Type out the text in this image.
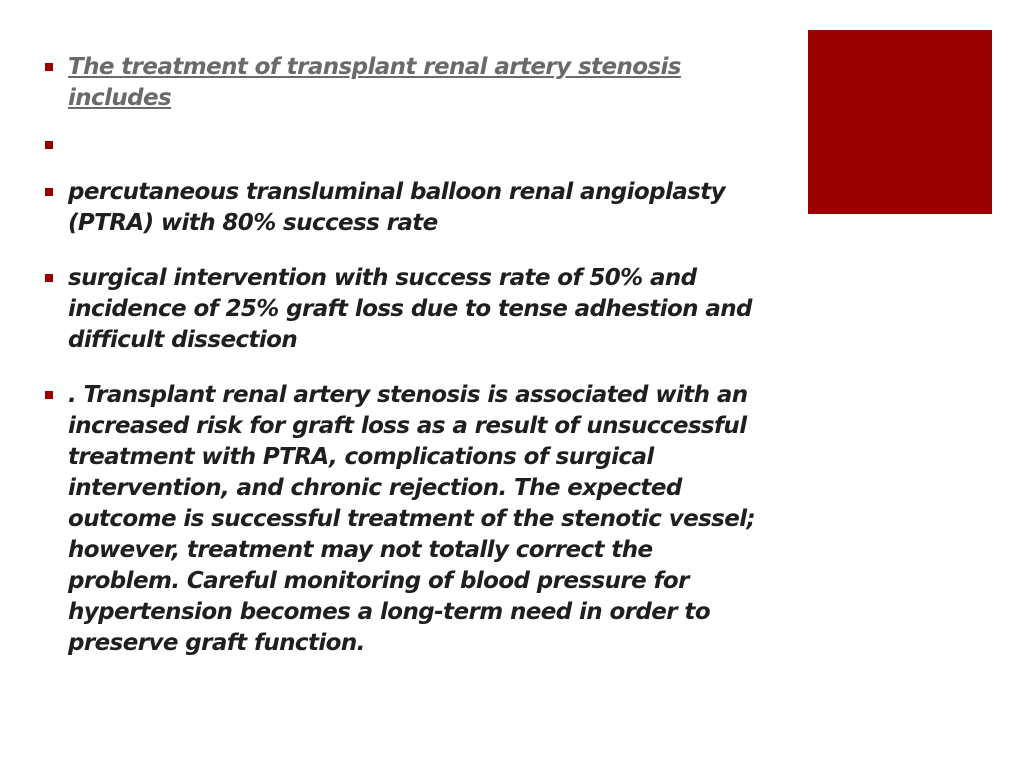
The treatment of transplant renal artery stenosis includes
percutaneous transluminal balloon renal angioplasty (PTRA) with 80% success rate
surgical intervention with success rate of 50% and incidence of 25% graft loss due to tense adhestion and difficult dissection
. Transplant renal artery stenosis is associated with an increased risk for graft loss as a result of unsuccessful treatment with PTRA, complications of surgical intervention, and chronic rejection. The expected outcome is successful treatment of the stenotic vessel; however, treatment may not totally correct the problem. Careful monitoring of blood pressure for hypertension becomes a long-term need in order to preserve graft function.
